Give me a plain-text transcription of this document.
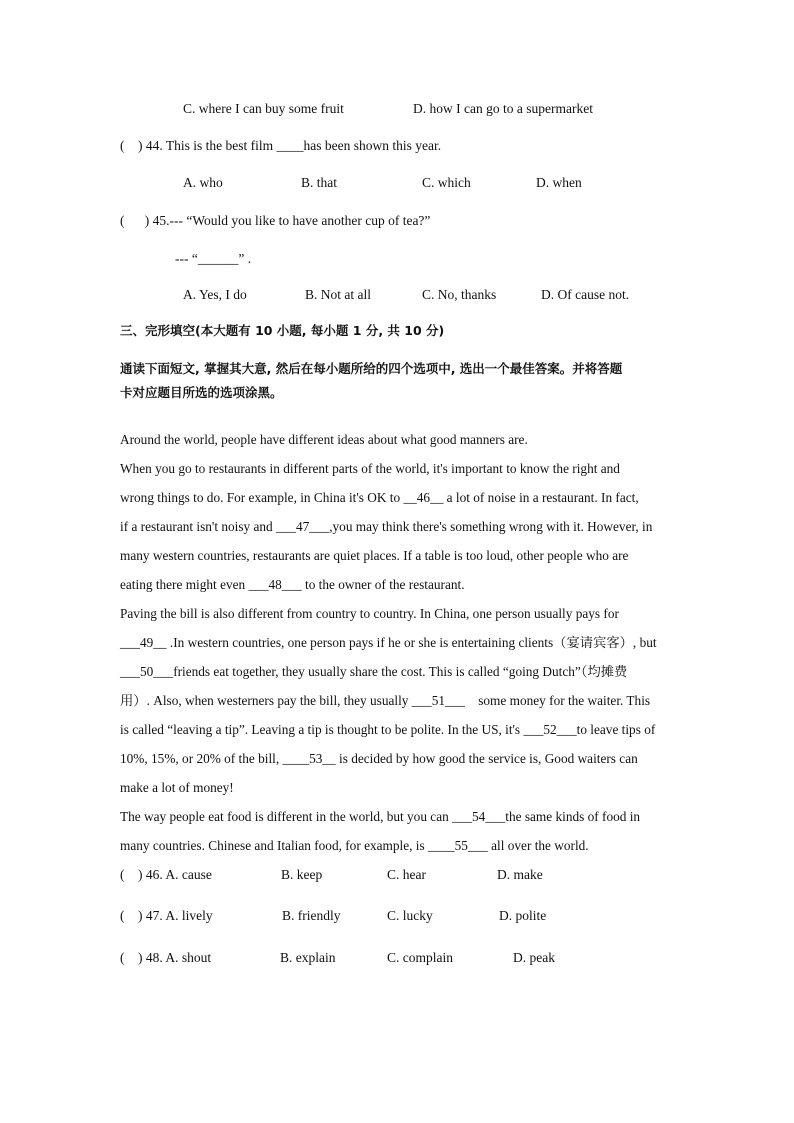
C. where I can buy some fruit	D. how I can go to a supermarket
(    ) 44. This is the best film ____has been shown this year.
A. who	B. that	C. which	D. when
(      ) 45.--- “Would you like to have another cup of tea?”
--- “______” .
A. Yes, I do	B. Not at all	C. No, thanks	D. Of cause not.
三、完形填空(本大题有 10 小题, 每小题 1 分, 共 10 分)
通读下面短文, 掌握其大意, 然后在每小题所给的四个选项中, 选出一个最佳答案。并将答题
卡对应题目所选的选项涂黑。
Around the world, people have different ideas about what good manners are.
When you go to restaurants in different parts of the world, it's important to know the right and
wrong things to do. For example, in China it's OK to __46__ a lot of noise in a restaurant. In fact,
if a restaurant isn't noisy and ___47___,you may think there's something wrong with it. However, in
many western countries, restaurants are quiet places. If a table is too loud, other people who are
eating there might even ___48___ to the owner of the restaurant.
Paving the bill is also different from country to country. In China, one person usually pays for
___49__ .In western countries, one person pays if he or she is entertaining clients（宴请宾客）, but
___50___friends eat together, they usually share the cost. This is called “going Dutch”（均摊费
用）. Also, when westerners pay the bill, they usually ___51___    some money for the waiter. This
is called “leaving a tip”. Leaving a tip is thought to be polite. In the US, it's ___52___to leave tips of
10%, 15%, or 20% of the bill, ____53__ is decided by how good the service is, Good waiters can
make a lot of money!
The way people eat food is different in the world, but you can ___54___the same kinds of food in
many countries. Chinese and Italian food, for example, is ____55___ all over the world.
(    ) 46. A. cause	B. keep	C. hear	D. make
(    ) 47. A. lively	B. friendly	C. lucky	D. polite
(    ) 48. A. shout	B. explain	C. complain	D. peak
